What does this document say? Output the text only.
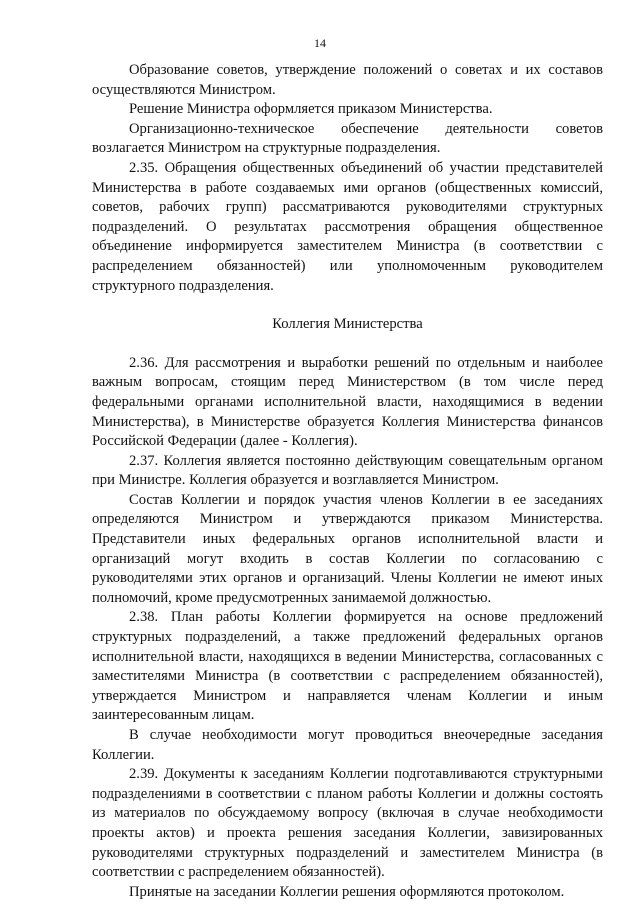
14

Образование советов, утверждение положений о советах и их составов осуществляются Министром.

Решение Министра оформляется приказом Министерства.

Организационно-техническое обеспечение деятельности советов возлагается Министром на структурные подразделения.

2.35. Обращения общественных объединений об участии представителей Министерства в работе создаваемых ими органов (общественных комиссий, советов, рабочих групп) рассматриваются руководителями структурных подразделений. О результатах рассмотрения обращения общественное объединение информируется заместителем Министра (в соответствии с распределением обязанностей) или уполномоченным руководителем структурного подразделения.

Коллегия Министерства

2.36. Для рассмотрения и выработки решений по отдельным и наиболее важным вопросам, стоящим перед Министерством (в том числе перед федеральными органами исполнительной власти, находящимися в ведении Министерства), в Министерстве образуется Коллегия Министерства финансов Российской Федерации (далее - Коллегия).

2.37. Коллегия является постоянно действующим совещательным органом при Министре. Коллегия образуется и возглавляется Министром.

Состав Коллегии и порядок участия членов Коллегии в ее заседаниях определяются Министром и утверждаются приказом Министерства. Представители иных федеральных органов исполнительной власти и организаций могут входить в состав Коллегии по согласованию с руководителями этих органов и организаций. Члены Коллегии не имеют иных полномочий, кроме предусмотренных занимаемой должностью.

2.38. План работы Коллегии формируется на основе предложений структурных подразделений, а также предложений федеральных органов исполнительной власти, находящихся в ведении Министерства, согласованных с заместителями Министра (в соответствии с распределением обязанностей), утверждается Министром и направляется членам Коллегии и иным заинтересованным лицам.

В случае необходимости могут проводиться внеочередные заседания Коллегии.

2.39. Документы к заседаниям Коллегии подготавливаются структурными подразделениями в соответствии с планом работы Коллегии и должны состоять из материалов по обсуждаемому вопросу (включая в случае необходимости проекты актов) и проекта решения заседания Коллегии, завизированных руководителями структурных подразделений и заместителем Министра (в соответствии с распределением обязанностей).

Принятые на заседании Коллегии решения оформляются протоколом.
